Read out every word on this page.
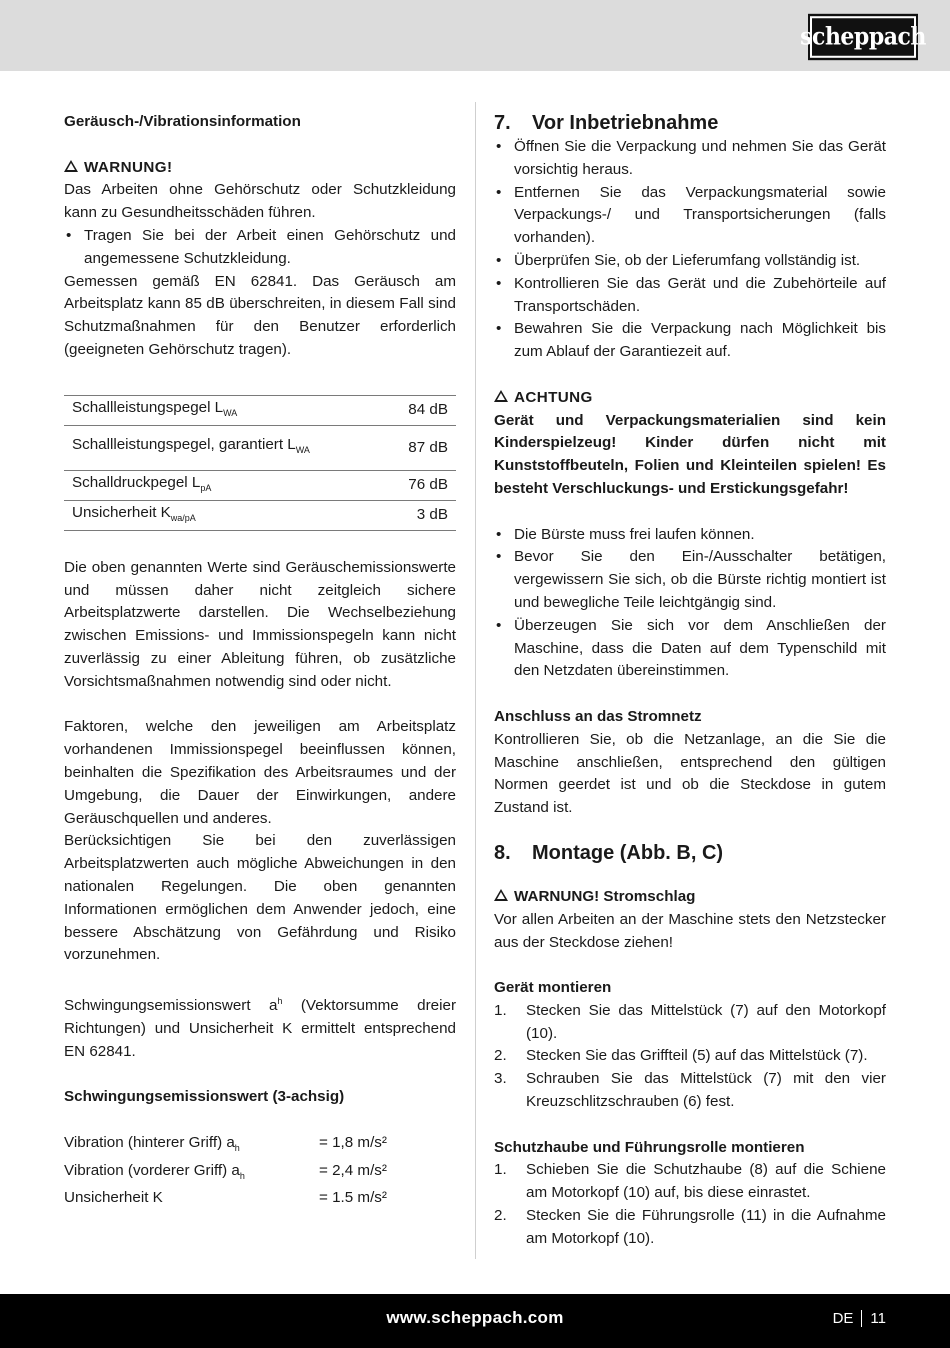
scheppach

Geräusch-/Vibrationsinformation

WARNUNG!

Das Arbeiten ohne Gehörschutz oder Schutzkleidung kann zu Gesundheitsschäden führen.

• Tragen Sie bei der Arbeit einen Gehörschutz und angemessene Schutzkleidung.

Gemessen gemäß EN 62841. Das Geräusch am Arbeitsplatz kann 85 dB überschreiten, in diesem Fall sind Schutzmaßnahmen für den Benutzer erforderlich (geeigneten Gehörschutz tragen).

Schallleistungspegel $L_{WA}$	84 dB
Schallleistungspegel, garantiert $L_{WA}$	87 dB
Schalldruckpegel $L_{pA}$	76 dB
Unsicherheit $K_{wa/pA}$	3 dB

Die oben genannten Werte sind Geräuschemissionswerte und müssen daher nicht zeitgleich sichere Arbeitsplatzwerte darstellen. Die Wechselbeziehung zwischen Emissions- und Immissionspegeln kann nicht zuverlässig zu einer Ableitung führen, ob zusätzliche Vorsichtsmaßnahmen notwendig sind oder nicht.

Faktoren, welche den jeweiligen am Arbeitsplatz vorhandenen Immissionspegel beeinflussen können, beinhalten die Spezifikation des Arbeitsraumes und der Umgebung, die Dauer der Einwirkungen, andere Geräuschquellen und anderes.

Berücksichtigen Sie bei den zuverlässigen Arbeitsplatzwerten auch mögliche Abweichungen in den nationalen Regelungen. Die oben genannten Informationen ermöglichen dem Anwender jedoch, eine bessere Abschätzung von Gefährdung und Risiko vorzunehmen.

Schwingungsemissionswert $a^h$ (Vektorsumme dreier Richtungen) und Unsicherheit K ermittelt entsprechend EN 62841.

Schwingungsemissionswert (3-achsig)

Vibration (hinterer Griff) $a_h$	= 1,8 m/s²
Vibration (vorderer Griff) $a_h$	= 2,4 m/s²
Unsicherheit K	= 1.5 m/s²
7.	Vor Inbetriebnahme
• Öffnen Sie die Verpackung und nehmen Sie das Gerät vorsichtig heraus.
• Entfernen Sie das Verpackungsmaterial sowie Verpackungs-/ und Transportsicherungen (falls vorhanden).
• Überprüfen Sie, ob der Lieferumfang vollständig ist.
• Kontrollieren Sie das Gerät und die Zubehörteile auf Transportschäden.
• Bewahren Sie die Verpackung nach Möglichkeit bis zum Ablauf der Garantiezeit auf.

ACHTUNG

Gerät und Verpackungsmaterialien sind kein Kinderspielzeug! Kinder dürfen nicht mit Kunststoffbeuteln, Folien und Kleinteilen spielen! Es besteht Verschluckungs- und Erstickungsgefahr!

• Die Bürste muss frei laufen können.
• Bevor Sie den Ein-/Ausschalter betätigen, vergewissern Sie sich, ob die Bürste richtig montiert ist und bewegliche Teile leichtgängig sind.
• Überzeugen Sie sich vor dem Anschließen der Maschine, dass die Daten auf dem Typenschild mit den Netzdaten übereinstimmen.

Anschluss an das Stromnetz

Kontrollieren Sie, ob die Netzanlage, an die Sie die Maschine anschließen, entsprechend den gültigen Normen geerdet ist und ob die Steckdose in gutem Zustand ist.

8.	Montage (Abb. B, C)

WARNUNG! Stromschlag

Vor allen Arbeiten an der Maschine stets den Netzstecker aus der Steckdose ziehen!

Gerät montieren

1. Stecken Sie das Mittelstück (7) auf den Motorkopf (10).
2. Stecken Sie das Griffteil (5) auf das Mittelstück (7).
3. Schrauben Sie das Mittelstück (7) mit den vier Kreuzschlitzschrauben (6) fest.

Schutzhaube und Führungsrolle montieren

1. Schieben Sie die Schutzhaube (8) auf die Schiene am Motorkopf (10) auf, bis diese einrastet.
2. Stecken Sie die Führungsrolle (11) in die Aufnahme am Motorkopf (10).
www.scheppach.com	DE 11
